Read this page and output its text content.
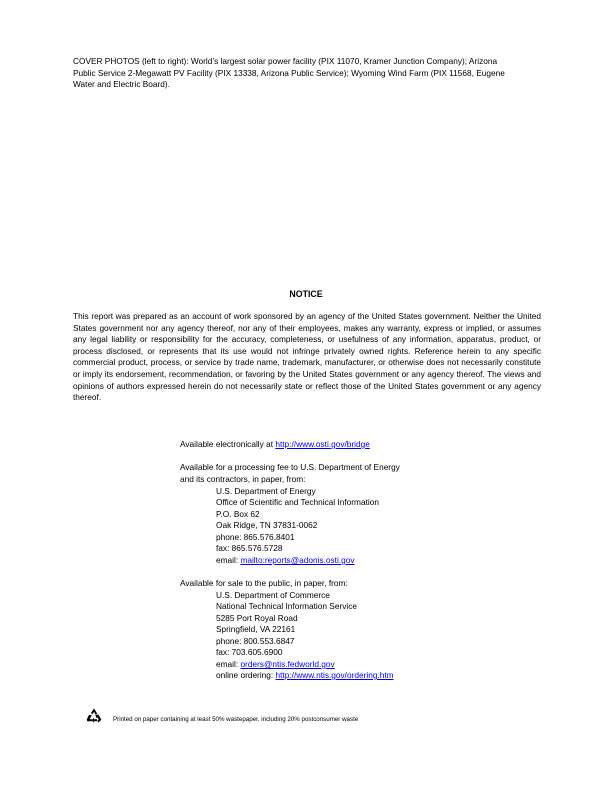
COVER PHOTOS (left to right): World’s largest solar power facility (PIX 11070, Kramer Junction Company); Arizona Public Service 2-Megawatt PV Facility (PIX 13338, Arizona Public Service); Wyoming Wind Farm (PIX 11568, Eugene Water and Electric Board).
NOTICE
This report was prepared as an account of work sponsored by an agency of the United States government. Neither the United States government nor any agency thereof, nor any of their employees, makes any warranty, express or implied, or assumes any legal liability or responsibility for the accuracy, completeness, or usefulness of any information, apparatus, product, or process disclosed, or represents that its use would not infringe privately owned rights. Reference herein to any specific commercial product, process, or service by trade name, trademark, manufacturer, or otherwise does not necessarily constitute or imply its endorsement, recommendation, or favoring by the United States government or any agency thereof. The views and opinions of authors expressed herein do not necessarily state or reflect those of the United States government or any agency thereof.
Available electronically at http://www.osti.gov/bridge
Available for a processing fee to U.S. Department of Energy
and its contractors, in paper, from:
U.S. Department of Energy
Office of Scientific and Technical Information
P.O. Box 62
Oak Ridge, TN 37831-0062
phone: 865.576.8401
fax: 865.576.5728
email: mailto:reports@adonis.osti.gov
Available for sale to the public, in paper, from:
U.S. Department of Commerce
National Technical Information Service
5285 Port Royal Road
Springfield, VA 22161
phone: 800.553.6847
fax: 703.605.6900
email: orders@ntis.fedworld.gov
online ordering: http://www.ntis.gov/ordering.htm
Printed on paper containing at least 50% wastepaper, including 20% postconsumer waste
